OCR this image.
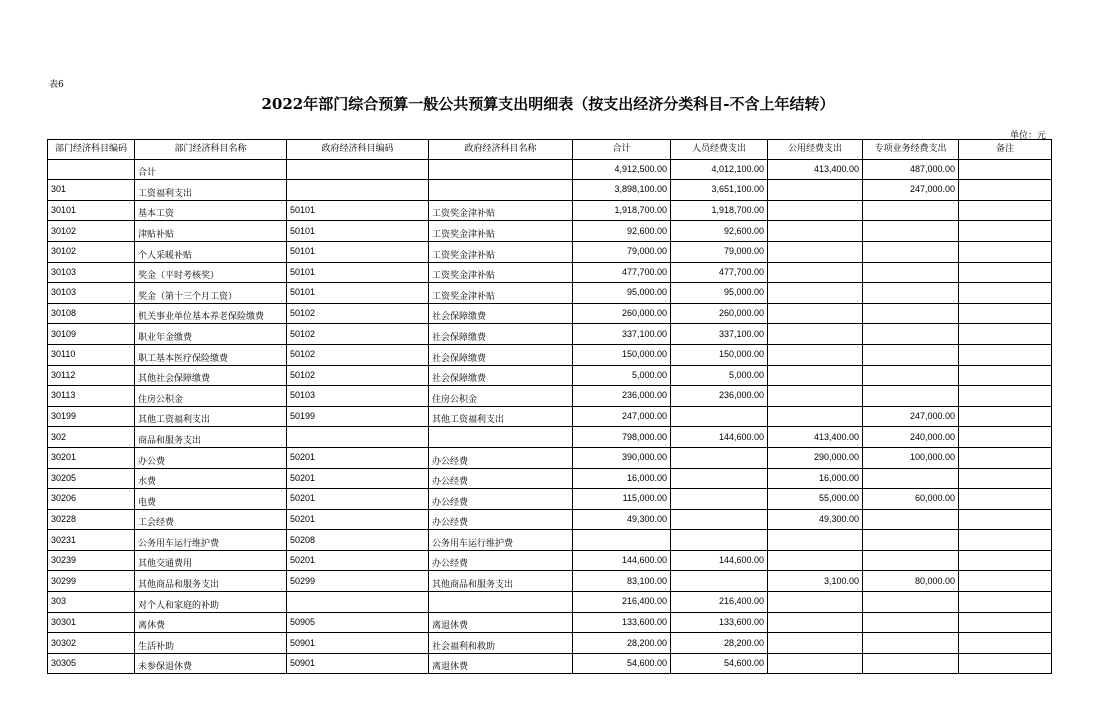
表6
2022年部门综合预算一般公共预算支出明细表（按支出经济分类科目-不含上年结转）
单位：元
部门经济科目编码	部门经济科目名称	政府经济科目编码	政府经济科目名称	合计	人员经费支出	公用经费支出	专项业务经费支出	备注
	合计			4,912,500.00	4,012,100.00	413,400.00	487,000.00	
301	工资福利支出			3,898,100.00	3,651,100.00		247,000.00	
30101	基本工资	50101	工资奖金津补贴	1,918,700.00	1,918,700.00			
30102	津贴补贴	50101	工资奖金津补贴	92,600.00	92,600.00			
30102	个人采暖补贴	50101	工资奖金津补贴	79,000.00	79,000.00			
30103	奖金（平时考核奖）	50101	工资奖金津补贴	477,700.00	477,700.00			
30103	奖金（第十三个月工资）	50101	工资奖金津补贴	95,000.00	95,000.00			
30108	机关事业单位基本养老保险缴费	50102	社会保障缴费	260,000.00	260,000.00			
30109	职业年金缴费	50102	社会保障缴费	337,100.00	337,100.00			
30110	职工基本医疗保险缴费	50102	社会保障缴费	150,000.00	150,000.00			
30112	其他社会保障缴费	50102	社会保障缴费	5,000.00	5,000.00			
30113	住房公积金	50103	住房公积金	236,000.00	236,000.00			
30199	其他工资福利支出	50199	其他工资福利支出	247,000.00			247,000.00	
302	商品和服务支出			798,000.00	144,600.00	413,400.00	240,000.00	
30201	办公费	50201	办公经费	390,000.00		290,000.00	100,000.00	
30205	水费	50201	办公经费	16,000.00		16,000.00		
30206	电费	50201	办公经费	115,000.00		55,000.00	60,000.00	
30228	工会经费	50201	办公经费	49,300.00		49,300.00		
30231	公务用车运行维护费	50208	公务用车运行维护费					
30239	其他交通费用	50201	办公经费	144,600.00	144,600.00			
30299	其他商品和服务支出	50299	其他商品和服务支出	83,100.00		3,100.00	80,000.00	
303	对个人和家庭的补助			216,400.00	216,400.00			
30301	离休费	50905	离退休费	133,600.00	133,600.00			
30302	生活补助	50901	社会福利和救助	28,200.00	28,200.00			
30305	未参保退休费	50901	离退休费	54,600.00	54,600.00			
